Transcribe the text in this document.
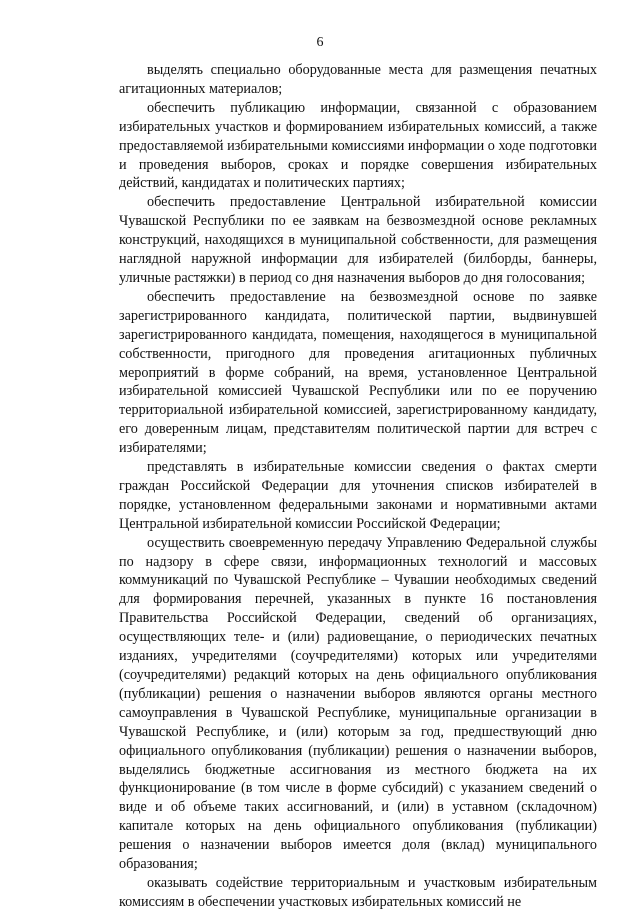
6

выделять специально оборудованные места для размещения печатных агитационных материалов;

обеспечить публикацию информации, связанной с образованием избирательных участков и формированием избирательных комиссий, а также предоставляемой избирательными комиссиями информации о ходе подготовки и проведения выборов, сроках и порядке совершения избирательных действий, кандидатах и политических партиях;

обеспечить предоставление Центральной избирательной комиссии Чувашской Республики по ее заявкам на безвозмездной основе рекламных конструкций, находящихся в муниципальной собственности, для размещения наглядной наружной информации для избирателей (билборды, баннеры, уличные растяжки) в период со дня назначения выборов до дня голосования;

обеспечить предоставление на безвозмездной основе по заявке зарегистрированного кандидата, политической партии, выдвинувшей зарегистрированного кандидата, помещения, находящегося в муниципальной собственности, пригодного для проведения агитационных публичных мероприятий в форме собраний, на время, установленное Центральной избирательной комиссией Чувашской Республики или по ее поручению территориальной избирательной комиссией, зарегистрированному кандидату, его доверенным лицам, представителям политической партии для встреч с избирателями;

представлять в избирательные комиссии сведения о фактах смерти граждан Российской Федерации для уточнения списков избирателей в порядке, установленном федеральными законами и нормативными актами Центральной избирательной комиссии Российской Федерации;

осуществить своевременную передачу Управлению Федеральной службы по надзору в сфере связи, информационных технологий и массовых коммуникаций по Чувашской Республике – Чувашии необходимых сведений для формирования перечней, указанных в пункте 16 постановления Правительства Российской Федерации, сведений об организациях, осуществляющих теле- и (или) радиовещание, о периодических печатных изданиях, учредителями (соучредителями) которых или учредителями (соучредителями) редакций которых на день официального опубликования (публикации) решения о назначении выборов являются органы местного самоуправления в Чувашской Республике, муниципальные организации в Чувашской Республике, и (или) которым за год, предшествующий дню официального опубликования (публикации) решения о назначении выборов, выделялись бюджетные ассигнования из местного бюджета на их функционирование (в том числе в форме субсидий) с указанием сведений о виде и об объеме таких ассигнований, и (или) в уставном (складочном) капитале которых на день официального опубликования (публикации) решения о назначении выборов имеется доля (вклад) муниципального образования;

оказывать содействие территориальным и участковым избирательным комиссиям в обеспечении участковых избирательных комиссий не
